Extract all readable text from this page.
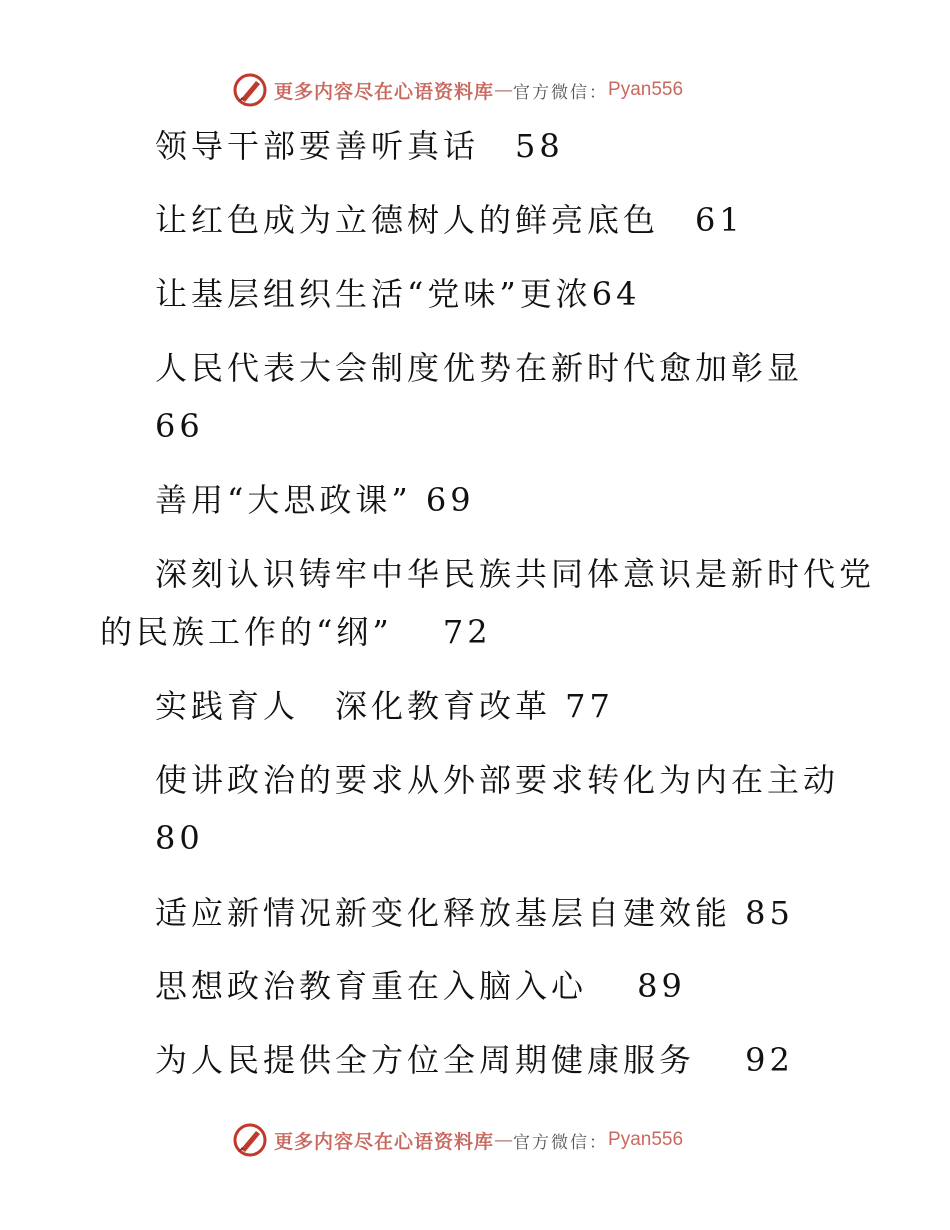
更多内容尽在心语资料库 — 官方微信： Pyan556
领导干部要善听真话　58
让红色成为立德树人的鲜亮底色　61
让基层组织生活“党味”更浓64
人民代表大会制度优势在新时代愈加彰显
66
善用“大思政课” 69
深刻认识铸牢中华民族共同体意识是新时代党
的民族工作的“纲”　 72
实践育人　深化教育改革 77
使讲政治的要求从外部要求转化为内在主动
80
适应新情况新变化释放基层自建效能 85
思想政治教育重在入脑入心　 89
为人民提供全方位全周期健康服务　 92
更多内容尽在心语资料库 — 官方微信： Pyan556
